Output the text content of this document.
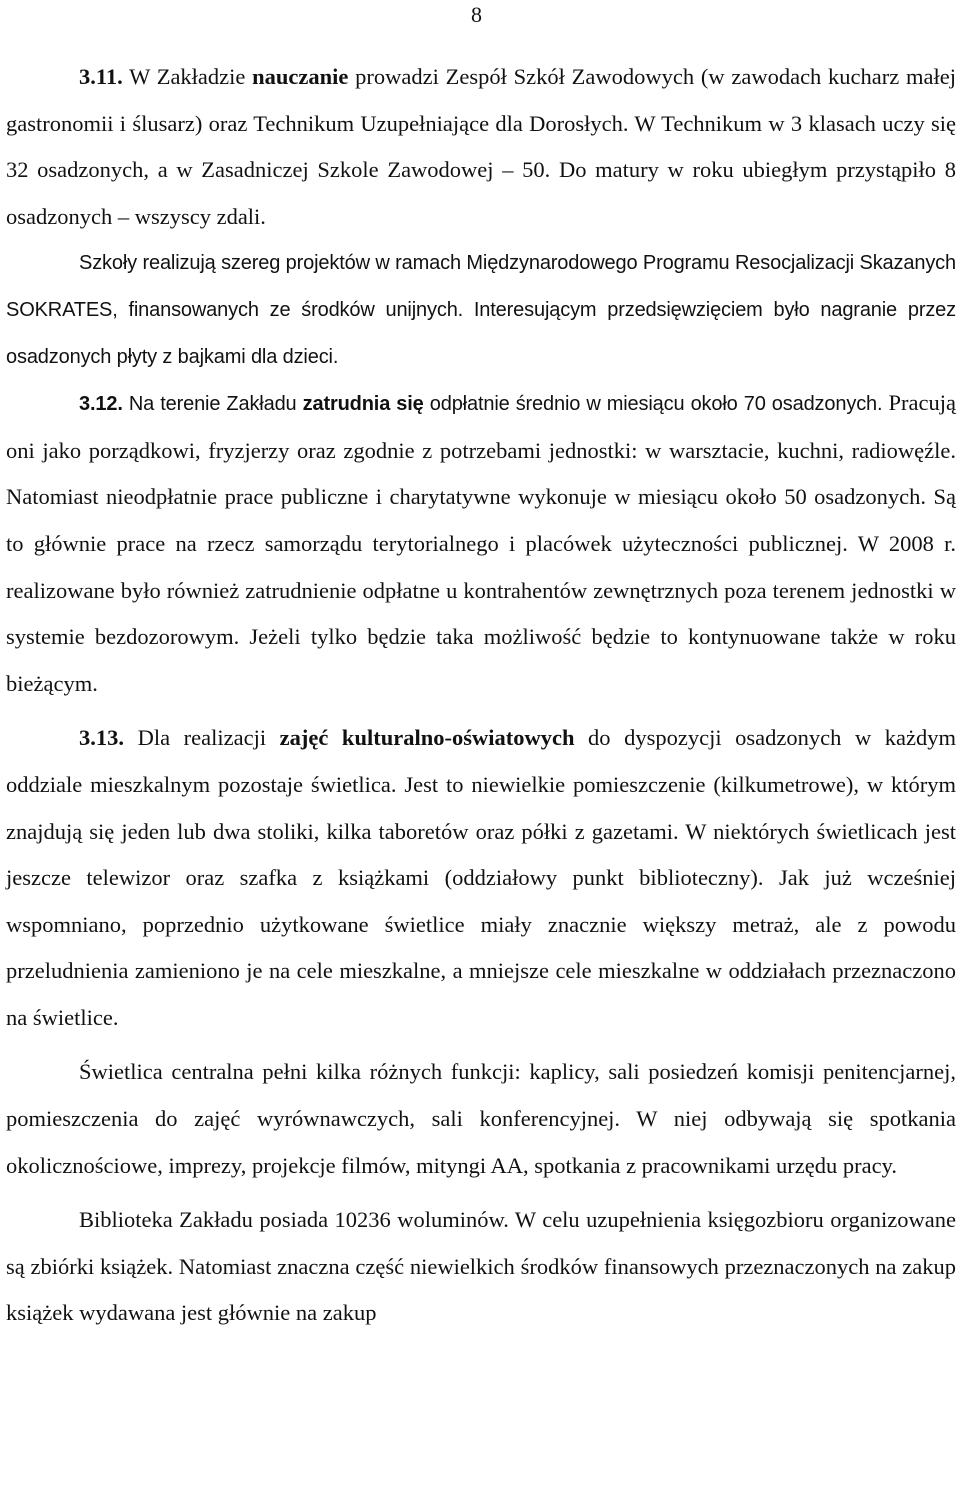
8

3.11. W Zakładzie nauczanie prowadzi Zespół Szkół Zawodowych (w zawodach kucharz małej gastronomii i ślusarz) oraz Technikum Uzupełniające dla Dorosłych. W Technikum w 3 klasach uczy się 32 osadzonych, a w Zasadniczej Szkole Zawodowej – 50. Do matury w roku ubiegłym przystąpiło 8 osadzonych – wszyscy zdali.

Szkoły realizują szereg projektów w ramach Międzynarodowego Programu Resocjalizacji Skazanych SOKRATES, finansowanych ze środków unijnych. Interesującym przedsięwzięciem było nagranie przez osadzonych płyty z bajkami dla dzieci.

3.12. Na terenie Zakładu zatrudnia się odpłatnie średnio w miesiącu około 70 osadzonych. Pracują oni jako porządkowi, fryzjerzy oraz zgodnie z potrzebami jednostki: w warsztacie, kuchni, radiowęźle. Natomiast nieodpłatnie prace publiczne i charytatywne wykonuje w miesiącu około 50 osadzonych. Są to głównie prace na rzecz samorządu terytorialnego i placówek użyteczności publicznej. W 2008 r. realizowane było również zatrudnienie odpłatne u kontrahentów zewnętrznych poza terenem jednostki w systemie bezdozorowym. Jeżeli tylko będzie taka możliwość będzie to kontynuowane także w roku bieżącym.

3.13. Dla realizacji zajęć kulturalno-oświatowych do dyspozycji osadzonych w każdym oddziale mieszkalnym pozostaje świetlica. Jest to niewielkie pomieszczenie (kilkumetrowe), w którym znajdują się jeden lub dwa stoliki, kilka taboretów oraz półki z gazetami. W niektórych świetlicach jest jeszcze telewizor oraz szafka z książkami (oddziałowy punkt biblioteczny). Jak już wcześniej wspomniano, poprzednio użytkowane świetlice miały znacznie większy metraż, ale z powodu przeludnienia zamieniono je na cele mieszkalne, a mniejsze cele mieszkalne w oddziałach przeznaczono na świetlice.

Świetlica centralna pełni kilka różnych funkcji: kaplicy, sali posiedzeń komisji penitencjarnej, pomieszczenia do zajęć wyrównawczych, sali konferencyjnej. W niej odbywają się spotkania okolicznościowe, imprezy, projekcje filmów, mityngi AA, spotkania z pracownikami urzędu pracy.

Biblioteka Zakładu posiada 10236 woluminów. W celu uzupełnienia księgozbioru organizowane są zbiórki książek. Natomiast znaczna część niewielkich środków finansowych przeznaczonych na zakup książek wydawana jest głównie na zakup
